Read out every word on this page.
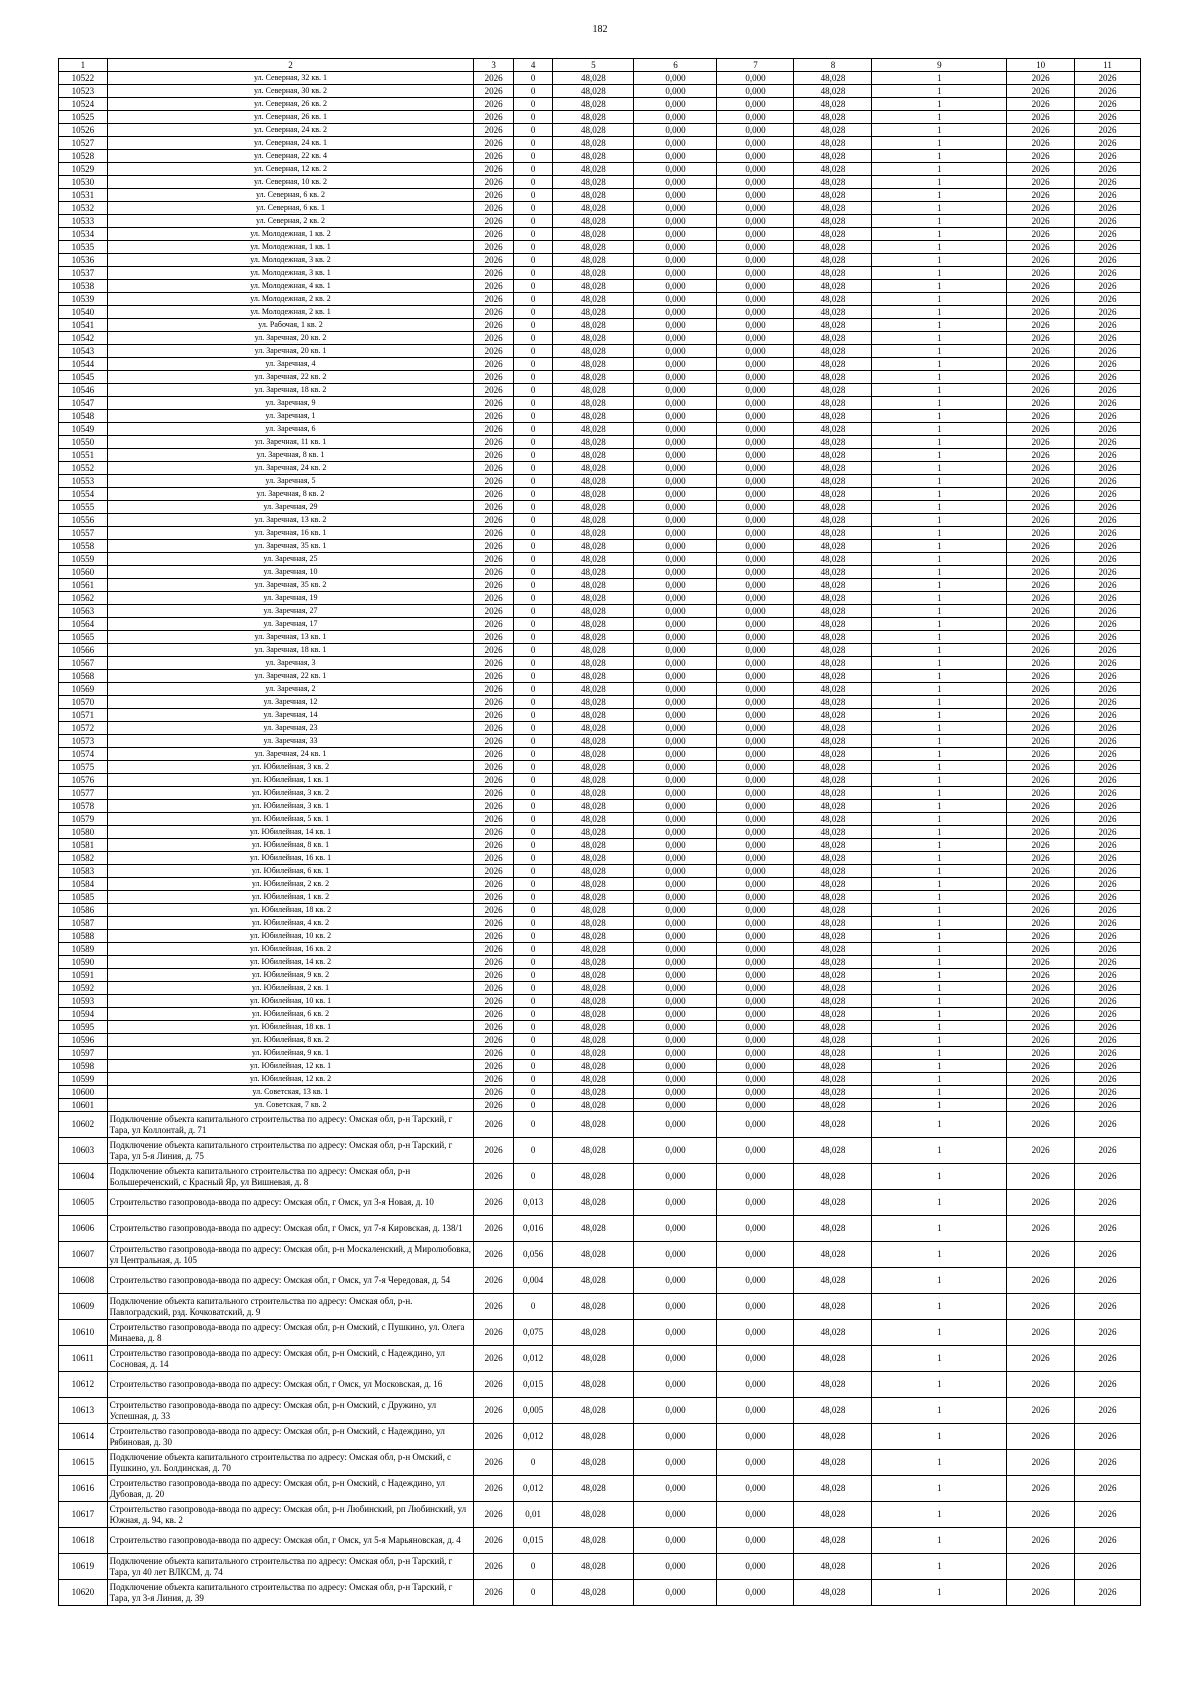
182
1	2	3	4	5	6	7	8	9	10	11
10522	ул. Северная, 32 кв. 1	2026	0	48,028	0,000	0,000	48,028	1	2026	2026
10523	ул. Северная, 30 кв. 2	2026	0	48,028	0,000	0,000	48,028	1	2026	2026
10524	ул. Северная, 26 кв. 2	2026	0	48,028	0,000	0,000	48,028	1	2026	2026
10525	ул. Северная, 26 кв. 1	2026	0	48,028	0,000	0,000	48,028	1	2026	2026
10526	ул. Северная, 24 кв. 2	2026	0	48,028	0,000	0,000	48,028	1	2026	2026
10527	ул. Северная, 24 кв. 1	2026	0	48,028	0,000	0,000	48,028	1	2026	2026
10528	ул. Северная, 22 кв. 4	2026	0	48,028	0,000	0,000	48,028	1	2026	2026
10529	ул. Северная, 12 кв. 2	2026	0	48,028	0,000	0,000	48,028	1	2026	2026
10530	ул. Северная, 10 кв. 2	2026	0	48,028	0,000	0,000	48,028	1	2026	2026
10531	ул. Северная, 6 кв. 2	2026	0	48,028	0,000	0,000	48,028	1	2026	2026
10532	ул. Северная, 6 кв. 1	2026	0	48,028	0,000	0,000	48,028	1	2026	2026
10533	ул. Северная, 2 кв. 2	2026	0	48,028	0,000	0,000	48,028	1	2026	2026
10534	ул. Молодежная, 1 кв. 2	2026	0	48,028	0,000	0,000	48,028	1	2026	2026
10535	ул. Молодежная, 1 кв. 1	2026	0	48,028	0,000	0,000	48,028	1	2026	2026
10536	ул. Молодежная, 3 кв. 2	2026	0	48,028	0,000	0,000	48,028	1	2026	2026
10537	ул. Молодежная, 3 кв. 1	2026	0	48,028	0,000	0,000	48,028	1	2026	2026
10538	ул. Молодежная, 4 кв. 1	2026	0	48,028	0,000	0,000	48,028	1	2026	2026
10539	ул. Молодежная, 2 кв. 2	2026	0	48,028	0,000	0,000	48,028	1	2026	2026
10540	ул. Молодежная, 2 кв. 1	2026	0	48,028	0,000	0,000	48,028	1	2026	2026
10541	ул. Рабочая, 1 кв. 2	2026	0	48,028	0,000	0,000	48,028	1	2026	2026
10542	ул. Заречная, 20 кв. 2	2026	0	48,028	0,000	0,000	48,028	1	2026	2026
10543	ул. Заречная, 20 кв. 1	2026	0	48,028	0,000	0,000	48,028	1	2026	2026
10544	ул. Заречная, 4	2026	0	48,028	0,000	0,000	48,028	1	2026	2026
10545	ул. Заречная, 22 кв. 2	2026	0	48,028	0,000	0,000	48,028	1	2026	2026
10546	ул. Заречная, 18 кв. 2	2026	0	48,028	0,000	0,000	48,028	1	2026	2026
10547	ул. Заречная, 9	2026	0	48,028	0,000	0,000	48,028	1	2026	2026
10548	ул. Заречная, 1	2026	0	48,028	0,000	0,000	48,028	1	2026	2026
10549	ул. Заречная, 6	2026	0	48,028	0,000	0,000	48,028	1	2026	2026
10550	ул. Заречная, 11 кв. 1	2026	0	48,028	0,000	0,000	48,028	1	2026	2026
10551	ул. Заречная, 8 кв. 1	2026	0	48,028	0,000	0,000	48,028	1	2026	2026
10552	ул. Заречная, 24 кв. 2	2026	0	48,028	0,000	0,000	48,028	1	2026	2026
10553	ул. Заречная, 5	2026	0	48,028	0,000	0,000	48,028	1	2026	2026
10554	ул. Заречная, 8 кв. 2	2026	0	48,028	0,000	0,000	48,028	1	2026	2026
10555	ул. Заречная, 29	2026	0	48,028	0,000	0,000	48,028	1	2026	2026
10556	ул. Заречная, 13 кв. 2	2026	0	48,028	0,000	0,000	48,028	1	2026	2026
10557	ул. Заречная, 16 кв. 1	2026	0	48,028	0,000	0,000	48,028	1	2026	2026
10558	ул. Заречная, 35 кв. 1	2026	0	48,028	0,000	0,000	48,028	1	2026	2026
10559	ул. Заречная, 25	2026	0	48,028	0,000	0,000	48,028	1	2026	2026
10560	ул. Заречная, 10	2026	0	48,028	0,000	0,000	48,028	1	2026	2026
10561	ул. Заречная, 35 кв. 2	2026	0	48,028	0,000	0,000	48,028	1	2026	2026
10562	ул. Заречная, 19	2026	0	48,028	0,000	0,000	48,028	1	2026	2026
10563	ул. Заречная, 27	2026	0	48,028	0,000	0,000	48,028	1	2026	2026
10564	ул. Заречная, 17	2026	0	48,028	0,000	0,000	48,028	1	2026	2026
10565	ул. Заречная, 13 кв. 1	2026	0	48,028	0,000	0,000	48,028	1	2026	2026
10566	ул. Заречная, 18 кв. 1	2026	0	48,028	0,000	0,000	48,028	1	2026	2026
10567	ул. Заречная, 3	2026	0	48,028	0,000	0,000	48,028	1	2026	2026
10568	ул. Заречная, 22 кв. 1	2026	0	48,028	0,000	0,000	48,028	1	2026	2026
10569	ул. Заречная, 2	2026	0	48,028	0,000	0,000	48,028	1	2026	2026
10570	ул. Заречная, 12	2026	0	48,028	0,000	0,000	48,028	1	2026	2026
10571	ул. Заречная, 14	2026	0	48,028	0,000	0,000	48,028	1	2026	2026
10572	ул. Заречная, 23	2026	0	48,028	0,000	0,000	48,028	1	2026	2026
10573	ул. Заречная, 33	2026	0	48,028	0,000	0,000	48,028	1	2026	2026
10574	ул. Заречная, 24 кв. 1	2026	0	48,028	0,000	0,000	48,028	1	2026	2026
10575	ул. Юбилейная, 3 кв. 2	2026	0	48,028	0,000	0,000	48,028	1	2026	2026
10576	ул. Юбилейная, 1 кв. 1	2026	0	48,028	0,000	0,000	48,028	1	2026	2026
10577	ул. Юбилейная, 3 кв. 2	2026	0	48,028	0,000	0,000	48,028	1	2026	2026
10578	ул. Юбилейная, 3 кв. 1	2026	0	48,028	0,000	0,000	48,028	1	2026	2026
10579	ул. Юбилейная, 5 кв. 1	2026	0	48,028	0,000	0,000	48,028	1	2026	2026
10580	ул. Юбилейная, 14 кв. 1	2026	0	48,028	0,000	0,000	48,028	1	2026	2026
10581	ул. Юбилейная, 8 кв. 1	2026	0	48,028	0,000	0,000	48,028	1	2026	2026
10582	ул. Юбилейная, 16 кв. 1	2026	0	48,028	0,000	0,000	48,028	1	2026	2026
10583	ул. Юбилейная, 6 кв. 1	2026	0	48,028	0,000	0,000	48,028	1	2026	2026
10584	ул. Юбилейная, 2 кв. 2	2026	0	48,028	0,000	0,000	48,028	1	2026	2026
10585	ул. Юбилейная, 1 кв. 2	2026	0	48,028	0,000	0,000	48,028	1	2026	2026
10586	ул. Юбилейная, 18 кв. 2	2026	0	48,028	0,000	0,000	48,028	1	2026	2026
10587	ул. Юбилейная, 4 кв. 2	2026	0	48,028	0,000	0,000	48,028	1	2026	2026
10588	ул. Юбилейная, 10 кв. 2	2026	0	48,028	0,000	0,000	48,028	1	2026	2026
10589	ул. Юбилейная, 16 кв. 2	2026	0	48,028	0,000	0,000	48,028	1	2026	2026
10590	ул. Юбилейная, 14 кв. 2	2026	0	48,028	0,000	0,000	48,028	1	2026	2026
10591	ул. Юбилейная, 9 кв. 2	2026	0	48,028	0,000	0,000	48,028	1	2026	2026
10592	ул. Юбилейная, 2 кв. 1	2026	0	48,028	0,000	0,000	48,028	1	2026	2026
10593	ул. Юбилейная, 10 кв. 1	2026	0	48,028	0,000	0,000	48,028	1	2026	2026
10594	ул. Юбилейная, 6 кв. 2	2026	0	48,028	0,000	0,000	48,028	1	2026	2026
10595	ул. Юбилейная, 18 кв. 1	2026	0	48,028	0,000	0,000	48,028	1	2026	2026
10596	ул. Юбилейная, 8 кв. 2	2026	0	48,028	0,000	0,000	48,028	1	2026	2026
10597	ул. Юбилейная, 9 кв. 1	2026	0	48,028	0,000	0,000	48,028	1	2026	2026
10598	ул. Юбилейная, 12 кв. 1	2026	0	48,028	0,000	0,000	48,028	1	2026	2026
10599	ул. Юбилейная, 12 кв. 2	2026	0	48,028	0,000	0,000	48,028	1	2026	2026
10600	ул. Советская, 13 кв. 1	2026	0	48,028	0,000	0,000	48,028	1	2026	2026
10601	ул. Советская, 7 кв. 2	2026	0	48,028	0,000	0,000	48,028	1	2026	2026
10602	Подключение объекта капитального строительства по адресу: Омская обл, р-н Тарский, г Тара, ул Коллонтай, д. 71	2026	0	48,028	0,000	0,000	48,028	1	2026	2026
10603	Подключение объекта капитального строительства по адресу: Омская обл, р-н Тарский, г Тара, ул 5-я Линия, д. 75	2026	0	48,028	0,000	0,000	48,028	1	2026	2026
10604	Подключение объекта капитального строительства по адресу: Омская обл, р-н Большереченский, с Красный Яр, ул Вишневая, д. 8	2026	0	48,028	0,000	0,000	48,028	1	2026	2026
10605	Строительство газопровода-ввода по адресу: Омская обл, г Омск, ул 3-я Новая, д. 10	2026	0,013	48,028	0,000	0,000	48,028	1	2026	2026
10606	Строительство газопровода-ввода по адресу: Омская обл, г Омск, ул 7-я Кировская, д. 138/1	2026	0,016	48,028	0,000	0,000	48,028	1	2026	2026
10607	Строительство газопровода-ввода по адресу: Омская обл, р-н Москаленский, д Миролюбовка, ул Центральная, д. 105	2026	0,056	48,028	0,000	0,000	48,028	1	2026	2026
10608	Строительство газопровода-ввода по адресу: Омская обл, г Омск, ул 7-я Чередовая, д. 54	2026	0,004	48,028	0,000	0,000	48,028	1	2026	2026
10609	Подключение объекта капитального строительства по адресу: Омская обл, р-н. Павлоградский, рзд. Кочковатский, д. 9	2026	0	48,028	0,000	0,000	48,028	1	2026	2026
10610	Строительство газопровода-ввода по адресу: Омская обл, р-н Омский, с Пушкино, ул. Олега Минаева, д. 8	2026	0,075	48,028	0,000	0,000	48,028	1	2026	2026
10611	Строительство газопровода-ввода по адресу: Омская обл, р-н Омский, с Надеждино, ул Сосновая, д. 14	2026	0,012	48,028	0,000	0,000	48,028	1	2026	2026
10612	Строительство газопровода-ввода по адресу: Омская обл, г Омск, ул Московская, д. 16	2026	0,015	48,028	0,000	0,000	48,028	1	2026	2026
10613	Строительство газопровода-ввода по адресу: Омская обл, р-н Омский, с Дружино, ул Успешная, д. 33	2026	0,005	48,028	0,000	0,000	48,028	1	2026	2026
10614	Строительство газопровода-ввода по адресу: Омская обл, р-н Омский, с Надеждино, ул Рябиновая, д. 30	2026	0,012	48,028	0,000	0,000	48,028	1	2026	2026
10615	Подключение объекта капитального строительства по адресу: Омская обл, р-н Омский, с Пушкино, ул. Болдинская, д. 70	2026	0	48,028	0,000	0,000	48,028	1	2026	2026
10616	Строительство газопровода-ввода по адресу: Омская обл, р-н Омский, с Надеждино, ул Дубовая, д. 20	2026	0,012	48,028	0,000	0,000	48,028	1	2026	2026
10617	Строительство газопровода-ввода по адресу: Омская обл, р-н Любинский, рп Любинский, ул Южная, д. 94, кв. 2	2026	0,01	48,028	0,000	0,000	48,028	1	2026	2026
10618	Строительство газопровода-ввода по адресу: Омская обл, г Омск, ул 5-я Марьяновская, д. 4	2026	0,015	48,028	0,000	0,000	48,028	1	2026	2026
10619	Подключение объекта капитального строительства по адресу: Омская обл, р-н Тарский, г Тара, ул 40 лет ВЛКСМ, д. 74	2026	0	48,028	0,000	0,000	48,028	1	2026	2026
10620	Подключение объекта капитального строительства по адресу: Омская обл, р-н Тарский, г Тара, ул 3-я Линия, д. 39	2026	0	48,028	0,000	0,000	48,028	1	2026	2026
